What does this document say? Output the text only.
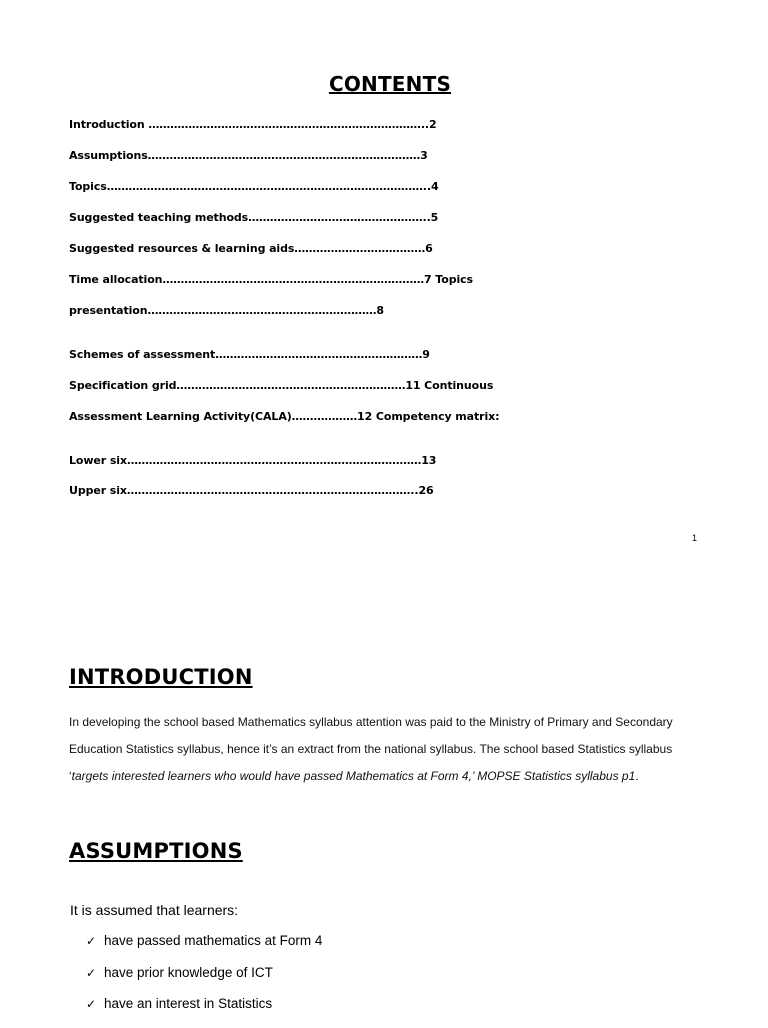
CONTENTS
Introduction …………………………………………………………………..2
Assumptions…………………………………………………………………3
Topics……………………………………………………………………………..4
Suggested teaching methods…………………………………………..5
Suggested resources & learning aids………………………………6
Time allocation………………………………………………………………7 Topics
presentation………………………………………………………8
Schemes of assessment…………………………………………………9
Specification grid………………………………………………………11 Continuous
Assessment Learning Activity(CALA)………………12 Competency matrix:
Lower six………………………………………………………………………13
Upper six……………………………………………………………………..26
1
INTRODUCTION
In developing the school based Mathematics syllabus attention was paid to the Ministry of Primary and Secondary Education Statistics syllabus, hence it’s an extract from the national syllabus. The school based Statistics syllabus ‘targets interested learners who would have passed Mathematics at Form 4,’ MOPSE Statistics syllabus p1.
ASSUMPTIONS
It is assumed that learners:
✓ have passed mathematics at Form 4
✓ have prior knowledge of ICT
✓ have an interest in Statistics
